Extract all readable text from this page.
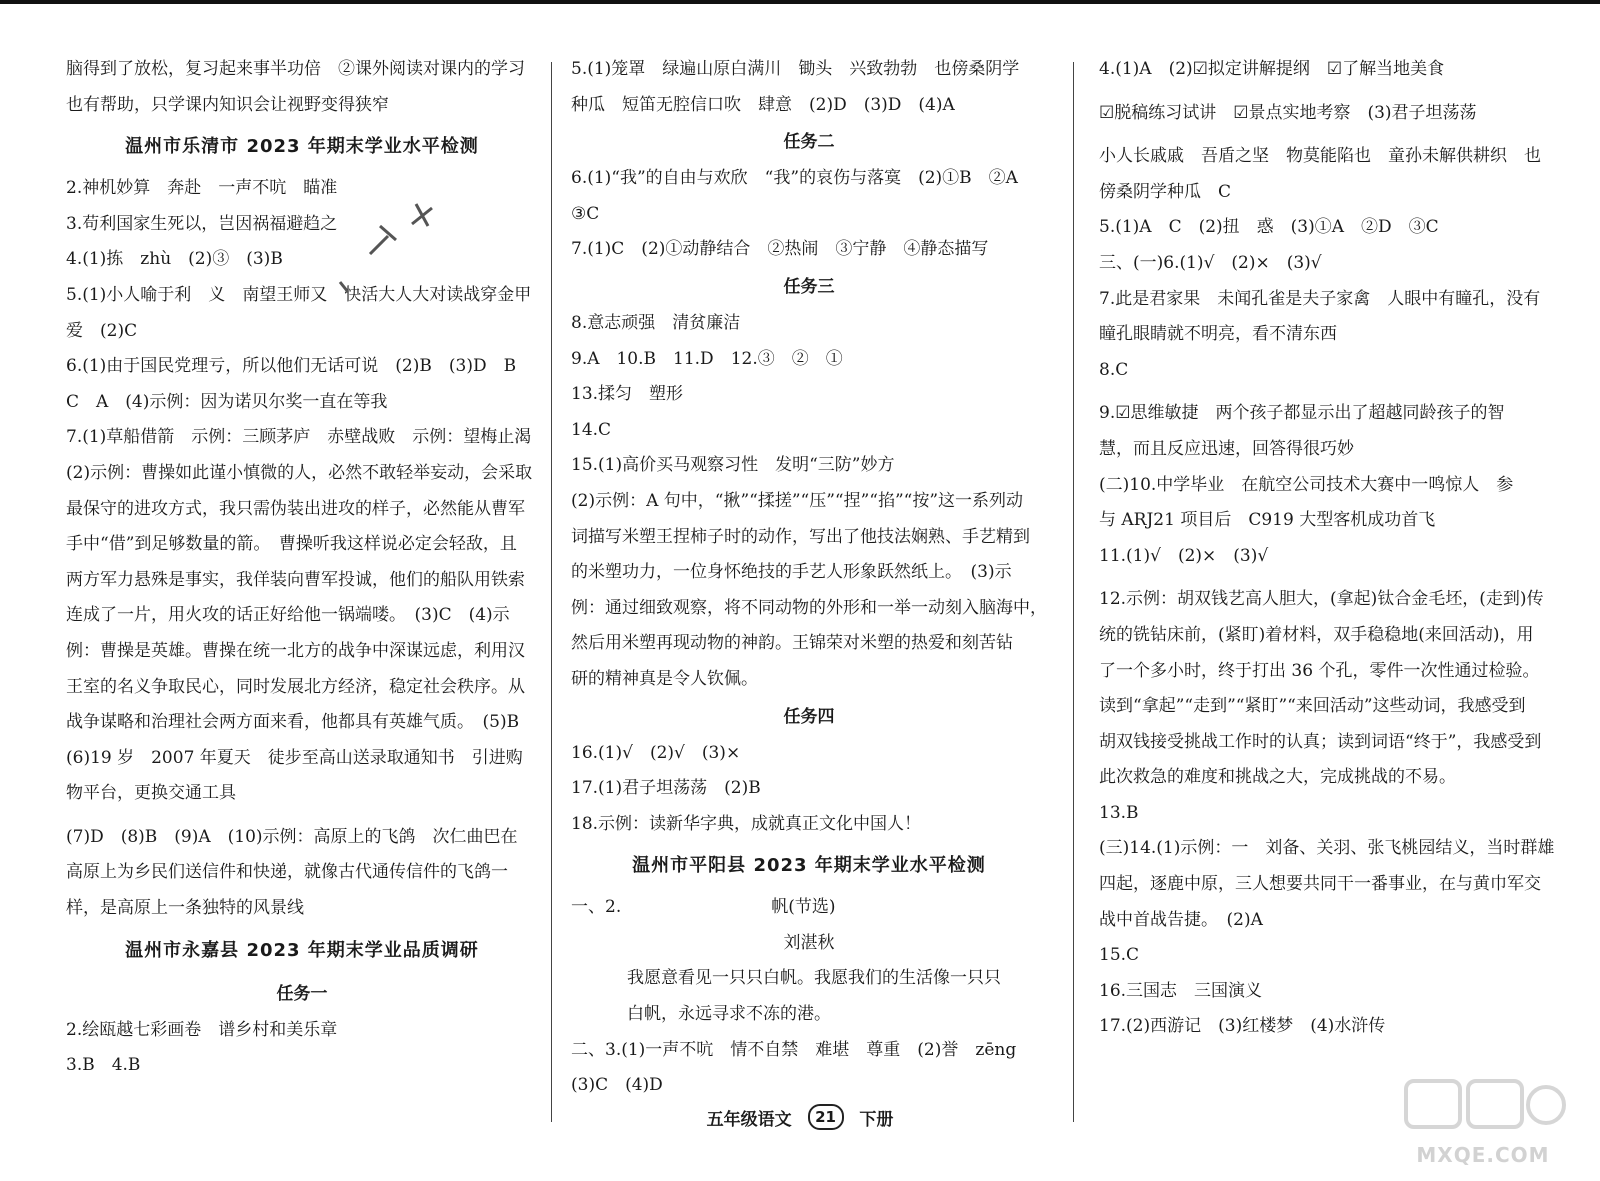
脑得到了放松，复习起来事半功倍　②课外阅读对课内的学习
也有帮助，只学课内知识会让视野变得狭窄
温州市乐清市 2023 年期末学业水平检测
2.神机妙算　奔赴　一声不吭　瞄准
3.苟利国家生死以，岂因祸福避趋之
4.(1)拣　zhù　(2)③　(3)B
5.(1)小人喻于利　义　南望王师又　快活大人大对读战穿金甲
爱　(2)C
6.(1)由于国民党理亏，所以他们无话可说　(2)B　(3)D　B
C　A　(4)示例：因为诺贝尔奖一直在等我
7.(1)草船借箭　示例：三顾茅庐　赤壁战败　示例：望梅止渴
(2)示例：曹操如此谨小慎微的人，必然不敢轻举妄动，会采取
最保守的进攻方式，我只需伪装出进攻的样子，必然能从曹军
手中“借”到足够数量的箭。　曹操听我这样说必定会轻敌，且
两方军力悬殊是事实，我佯装向曹军投诚，他们的船队用铁索
连成了一片，用火攻的话正好给他一锅端喽。　(3)C　(4)示
例：曹操是英雄。曹操在统一北方的战争中深谋远虑，利用汉
王室的名义争取民心，同时发展北方经济，稳定社会秩序。从
战争谋略和治理社会两方面来看，他都具有英雄气质。　(5)B
(6)19 岁　2007 年夏天　徒步至高山送录取通知书　引进购
物平台，更换交通工具
(7)D　(8)B　(9)A　(10)示例：高原上的飞鸽　次仁曲巴在
高原上为乡民们送信件和快递，就像古代通传信件的飞鸽一
样，是高原上一条独特的风景线
温州市永嘉县 2023 年期末学业品质调研
任务一
2.绘瓯越七彩画卷　谱乡村和美乐章
3.B　4.B
5.(1)笼罩　绿遍山原白满川　锄头　兴致勃勃　也傍桑阴学
种瓜　短笛无腔信口吹　肆意　(2)D　(3)D　(4)A
任务二
6.(1)“我”的自由与欢欣　“我”的哀伤与落寞　(2)①B　②A
③C
7.(1)C　(2)①动静结合　②热闹　③宁静　④静态描写
任务三
8.意志顽强　清贫廉洁
9.A　10.B　11.D　12.③　②　①
13.揉匀　塑形
14.C
15.(1)高价买马观察习性　发明“三防”妙方
(2)示例：A 句中，“揪”“揉搓”“压”“捏”“掐”“按”这一系列动
词描写米塑王捏柿子时的动作，写出了他技法娴熟、手艺精到
的米塑功力，一位身怀绝技的手艺人形象跃然纸上。　(3)示
例：通过细致观察，将不同动物的外形和一举一动刻入脑海中，
然后用米塑再现动物的神韵。王锦荣对米塑的热爱和刻苦钻
研的精神真是令人钦佩。
任务四
16.(1)√　(2)√　(3)×
17.(1)君子坦荡荡　(2)B
18.示例：读新华字典，成就真正文化中国人！
温州市平阳县 2023 年期末学业水平检测
一、2.	帆(节选)
刘湛秋
我愿意看见一只只白帆。我愿我们的生活像一只只
白帆，永远寻求不冻的港。
二、3.(1)一声不吭　情不自禁　难堪　尊重　(2)誉　zēng
(3)C　(4)D
4.(1)A　(2)☑拟定讲解提纲　☑了解当地美食
☑脱稿练习试讲　☑景点实地考察　(3)君子坦荡荡
小人长戚戚　吾盾之坚　物莫能陷也　童孙未解供耕织　也
傍桑阴学种瓜　C
5.(1)A　C　(2)扭　惑　(3)①A　②D　③C
三、(一)6.(1)√　(2)×　(3)√
7.此是君家果　未闻孔雀是夫子家禽　人眼中有瞳孔，没有
瞳孔眼睛就不明亮，看不清东西
8.C
9.☑思维敏捷　两个孩子都显示出了超越同龄孩子的智
慧，而且反应迅速，回答得很巧妙
(二)10.中学毕业　在航空公司技术大赛中一鸣惊人　参
与 ARJ21 项目后　C919 大型客机成功首飞
11.(1)√　(2)×　(3)√
12.示例：胡双钱艺高人胆大，(拿起)钛合金毛坯，(走到)传
统的铣钻床前，(紧盯)着材料，双手稳稳地(来回活动)，用
了一个多小时，终于打出 36 个孔，零件一次性通过检验。
读到“拿起”“走到”“紧盯”“来回活动”这些动词，我感受到
胡双钱接受挑战工作时的认真；读到词语“终于”，我感受到
此次救急的难度和挑战之大，完成挑战的不易。
13.B
(三)14.(1)示例：一　刘备、关羽、张飞桃园结义，当时群雄
四起，逐鹿中原，三人想要共同干一番事业，在与黄巾军交
战中首战告捷。　(2)A
15.C
16.三国志　三国演义
17.(2)西游记　(3)红楼梦　(4)水浒传
五年级语文 21 下册
MXQE.COM
